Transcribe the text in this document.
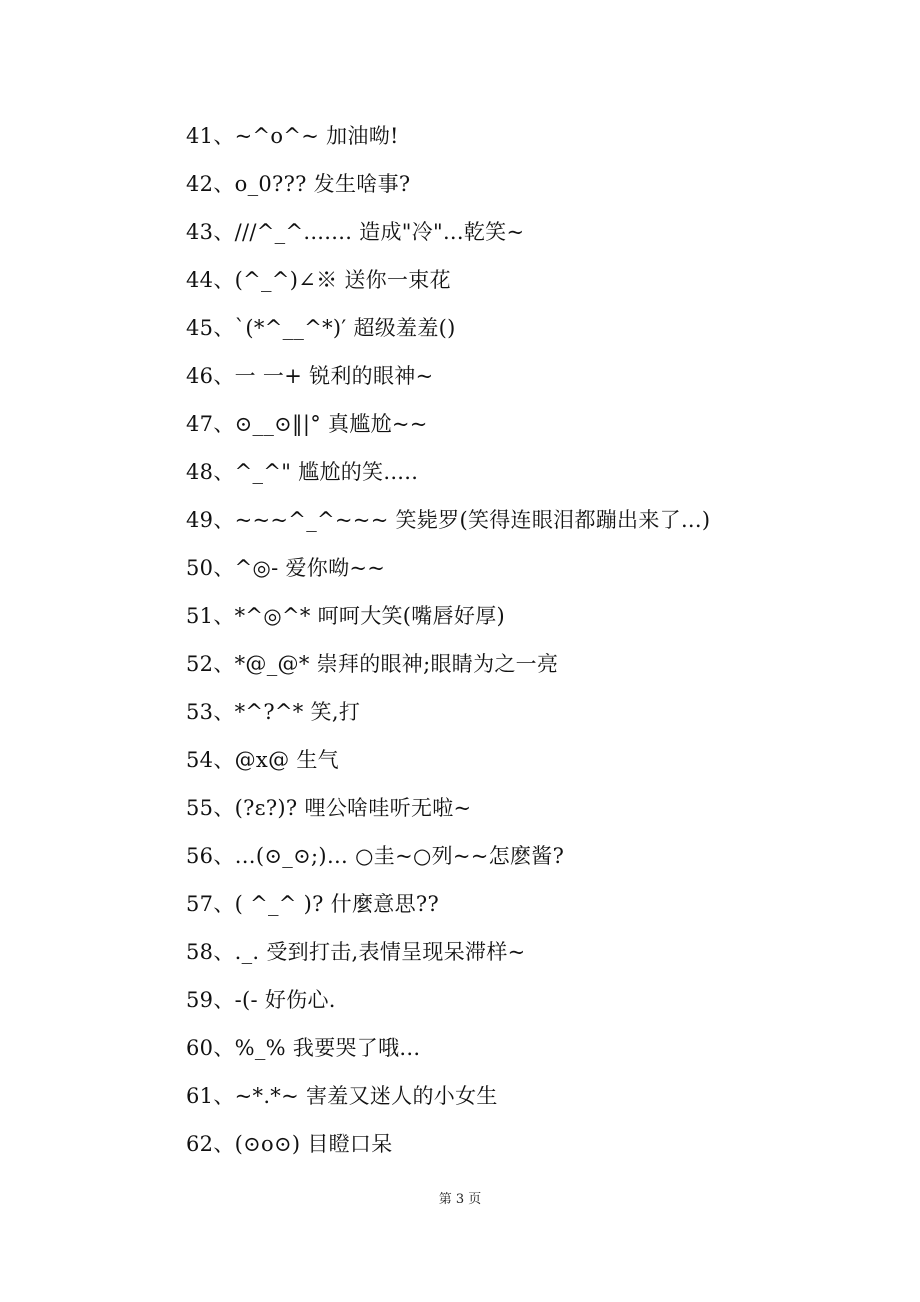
41、~^o^~ 加油呦!
42、o_0??? 发生啥事?
43、///^_^....... 造成"冷"...乾笑~
44、(^_^)∠※ 送你一束花
45、`(*^__^*)′ 超级羞羞()
46、一 一+ 锐利的眼神~
47、⊙__⊙‖|° 真尴尬~~
48、^_^" 尴尬的笑.....
49、~~~^_^~~~ 笑毙罗(笑得连眼泪都蹦出来了...)
50、^◎- 爱你呦~~
51、*^◎^* 呵呵大笑(嘴唇好厚)
52、*@_@* 崇拜的眼神;眼睛为之一亮
53、*^?^* 笑,打
54、@x@ 生气
55、(?ε?)? 哩公啥哇听无啦~
56、…(⊙_⊙;)… ○圭~○列~~怎麽酱?
57、( ^_^ )? 什麼意思??
58、._. 受到打击,表情呈现呆滞样~
59、-(- 好伤心.
60、%_% 我要哭了哦...
61、~*.*~ 害羞又迷人的小女生
62、(⊙o⊙) 目瞪口呆
第 3 页
